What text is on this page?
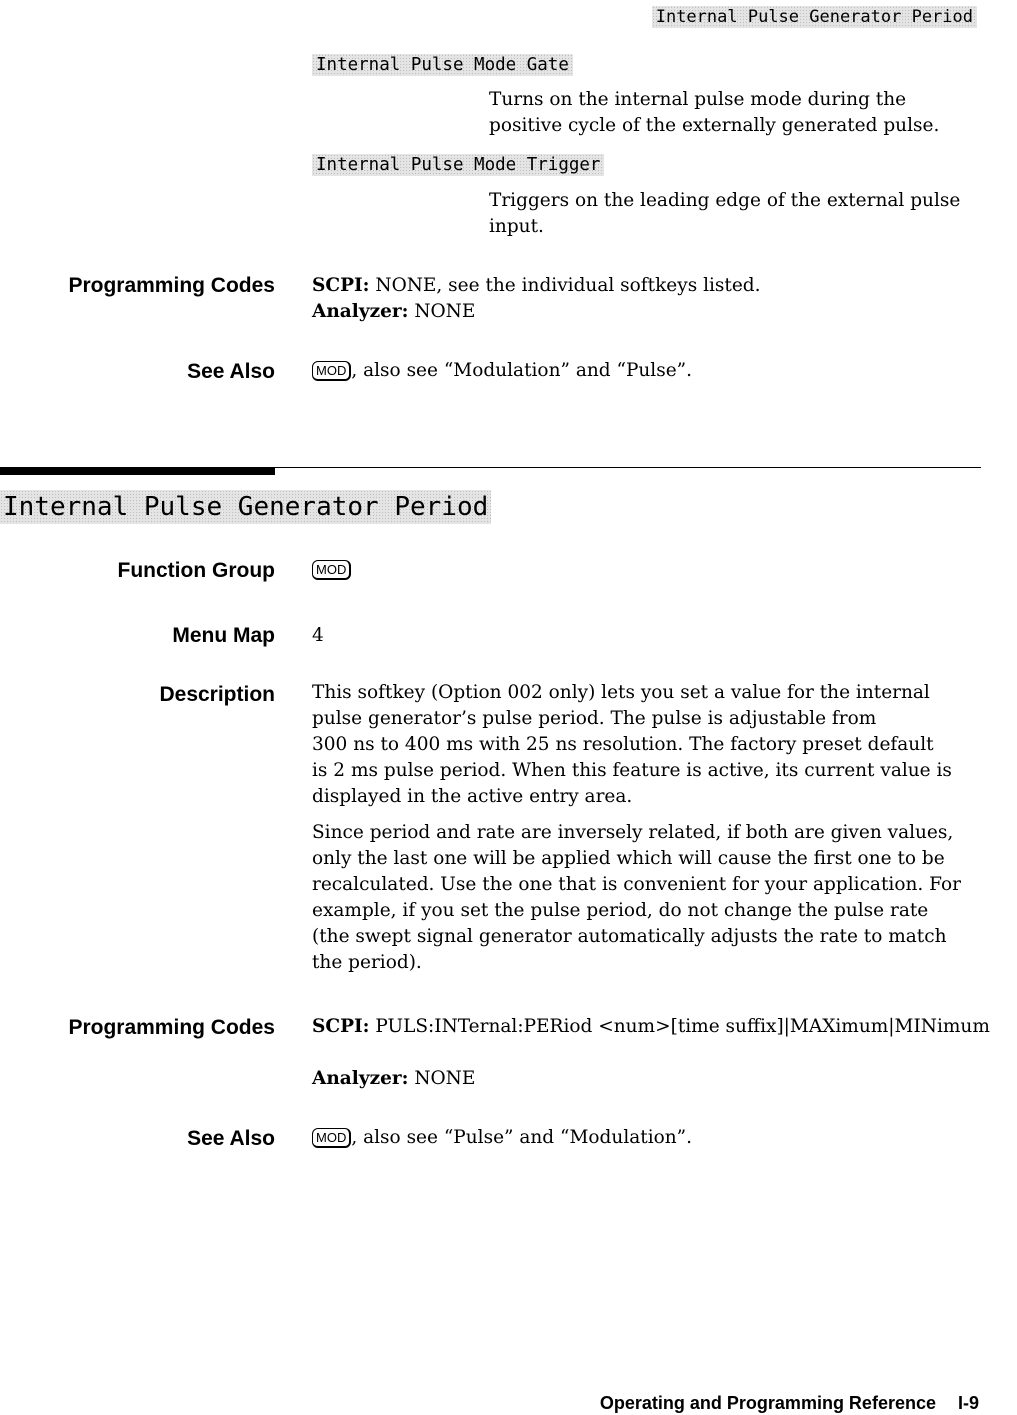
Internal Pulse Generator Period
Internal Pulse Mode Gate
Turns on the internal pulse mode during the
positive cycle of the externally generated pulse.
Internal Pulse Mode Trigger
Triggers on the leading edge of the external pulse
input.
Programming Codes SCPI: NONE, see the individual softkeys listed.
Analyzer: NONE
See Also	MOD , also see “Modulation” and “Pulse”.
Internal Pulse Generator Period
Function Group	MOD
Menu Map 4
Description This softkey (Option 002 only) lets you set a value for the internal
pulse generator’s pulse period. The pulse is adjustable from
300 ns to 400 ms with 25 ns resolution. The factory preset default
is 2 ms pulse period. When this feature is active, its current value is
displayed in the active entry area.
Since period and rate are inversely related, if both are given values,
only the last one will be applied which will cause the first one to be
recalculated. Use the one that is convenient for your application. For
example, if you set the pulse period, do not change the pulse rate
(the swept signal generator automatically adjusts the rate to match
the period).
Programming Codes SCPI: PULS:INTernal:PERiod <num>[time suffix]|MAXimum|MINimum
Analyzer: NONE
See Also	MOD , also see “Pulse” and “Modulation”.
Operating and Programming Reference I-9
